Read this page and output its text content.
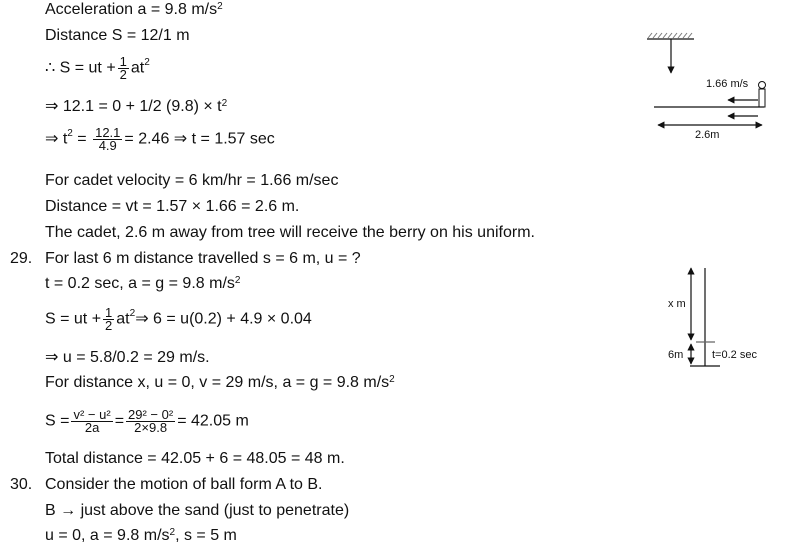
Acceleration a = 9.8 $m/s^2$
Distance S = 12/1 m
∴ S = ut + $\frac{1}{2} at^2$
⇒ 12.1 = 0 + 1/2 $(9.8) \times t^2$
⇒ $t^2 = \frac{12.1}{4.9} = 2.46$ ⇒ t = 1.57 sec
For cadet velocity = 6 km/hr = 1.66 m/sec
Distance = vt = 1.57 × 1.66 = 2.6 m.
The cadet, 2.6 m away from tree will receive the berry on his uniform.
29. For last 6 m distance travelled s = 6 m, u = ?
t = 0.2 sec, a = g = 9.8 $m/s^2$
S = ut + $\frac{1}{2}$ $at^2\Rightarrow$ 6 = u(0.2) + 4.9 × 0.04
⇒ u = 5.8/0.2 = 29 m/s.
For distance x, u = 0, v = 29 m/s, a = g = 9.8 $m/s^2$
$S = \frac{\text{v² − u²}}{2a} = \frac{\text{29² − 0²}}{2\times 9.8} = 42.05$ m
Total distance = 42.05 + 6 = 48.05 = 48 m.
30. Consider the motion of ball form A to B.
B → just above the sand (just to penetrate)
u = 0, a = 9.8 $m/s^2$, s = 5 m
1.66 m/s
2.6m
x m
6m	t=0.2 sec
